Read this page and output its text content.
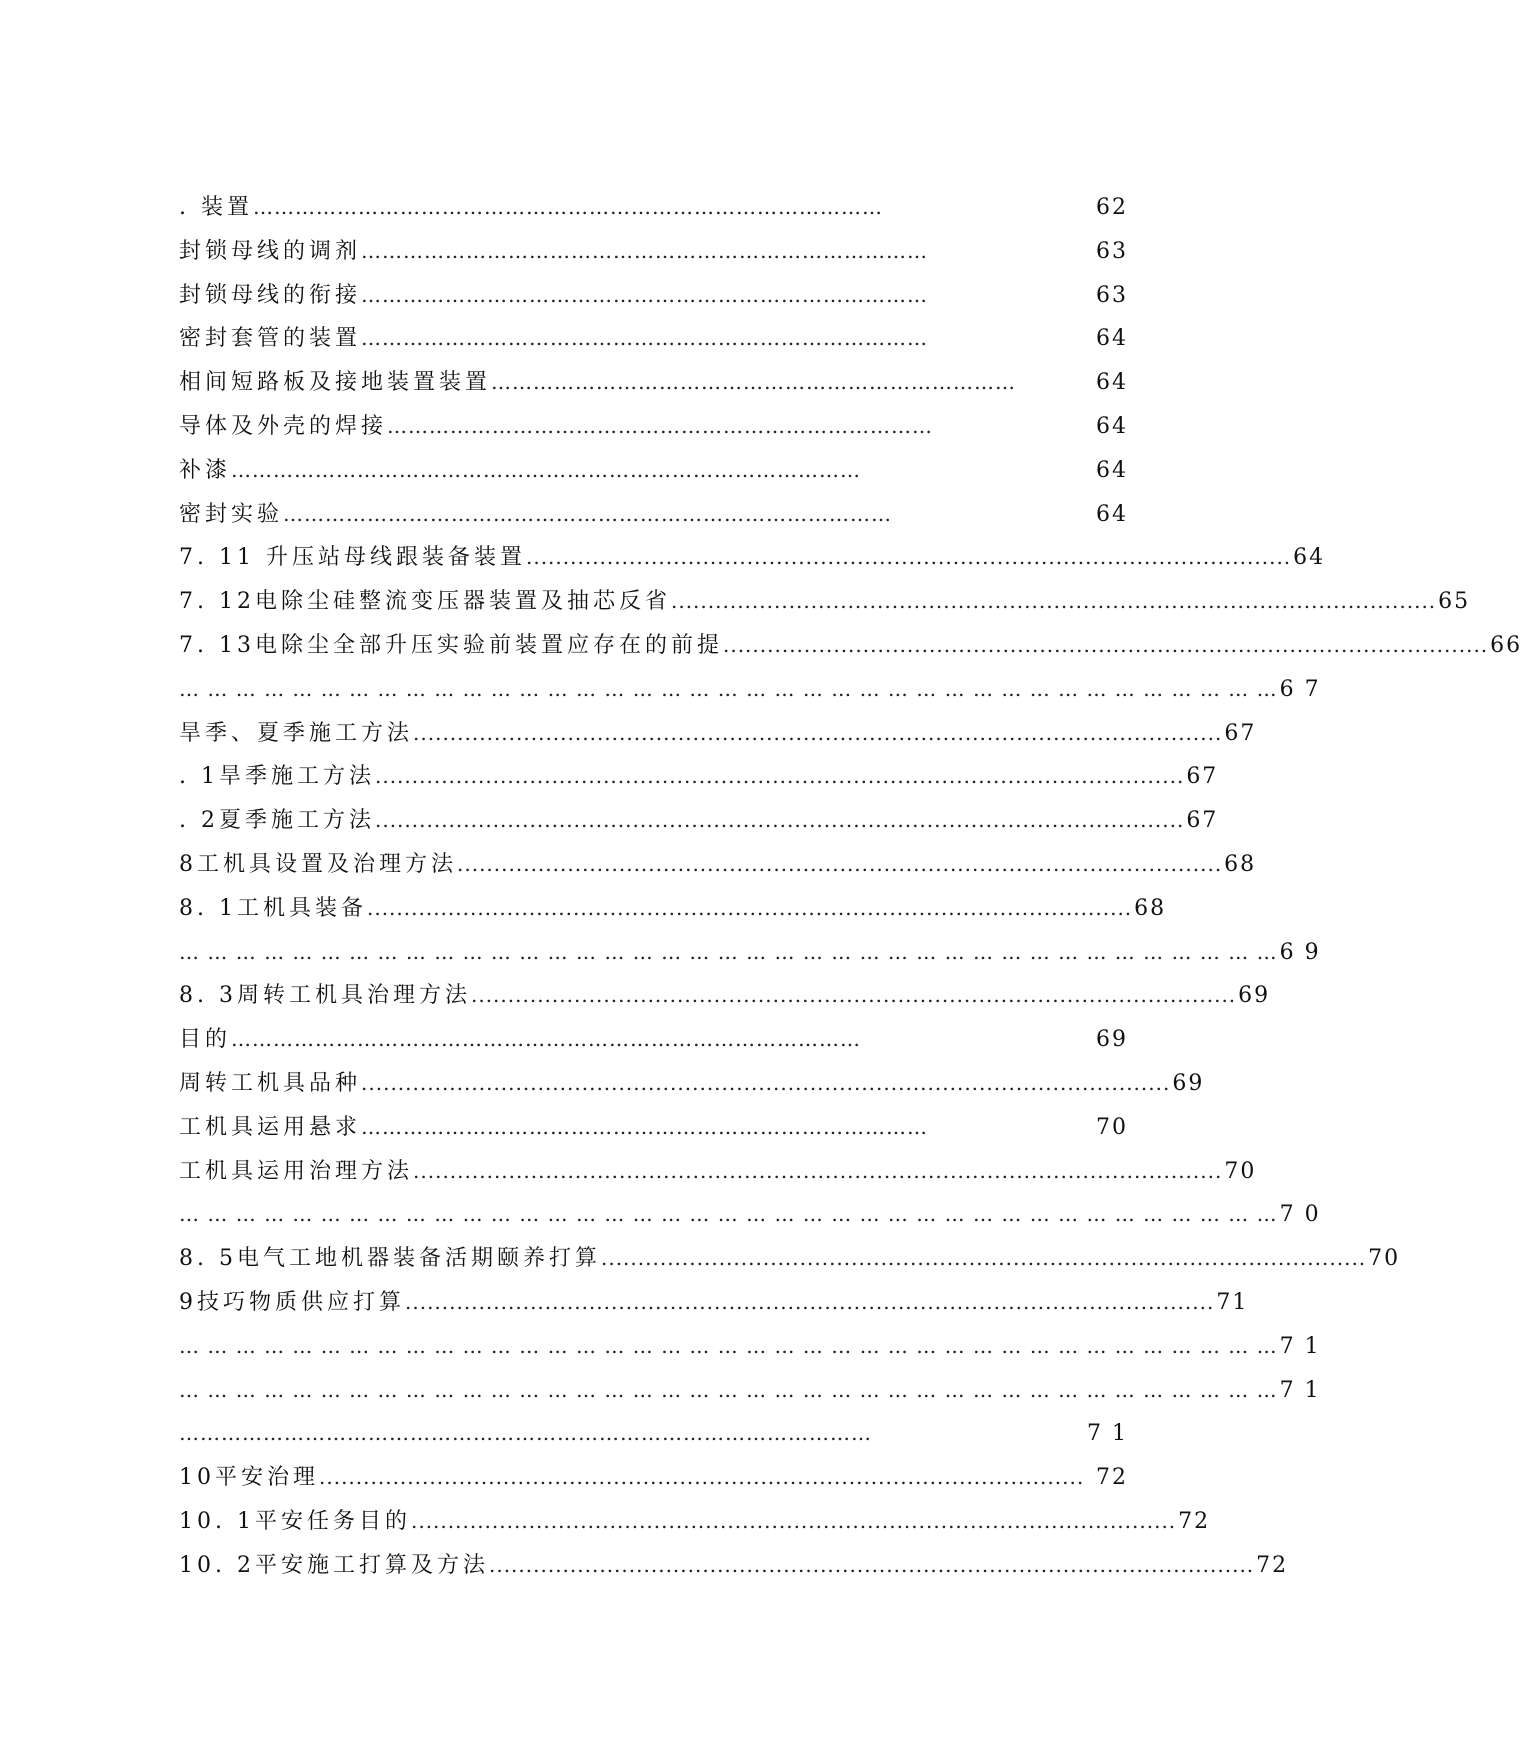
. 装置 ………………………………………………………………………………	62
封锁母线的调剂 ………………………………………………………………………	63
封锁母线的衔接 ………………………………………………………………………	63
密封套管的装置 ………………………………………………………………………	64
相间短路板及接地装置装置 …………………………………………………………………	64
导体及外壳的焊接 ……………………………………………………………………	64
补漆 ………………………………………………………………………………	64
密封实验 ……………………………………………………………………………	64
7. 11 升压站母线跟装备装置 ........................................................................................................ 64
7. 12电除尘硅整流变压器装置及抽芯反省 ........................................................................................................ 65
7. 13电除尘全部升压实验前装置应存在的前提 ........................................................................................................ 66
… … … … … … … … … … … … … … … … … … … … … … … … … … … … … … … … … … … … … … … 6 7
旱季、夏季施工方法 .............................................................................................................. 67
. 1旱季施工方法 .............................................................................................................. 67
. 2夏季施工方法 .............................................................................................................. 67
8工机具设置及治理方法 ........................................................................................................ 68
8. 1工机具装备 ........................................................................................................ 68
… … … … … … … … … … … … … … … … … … … … … … … … … … … … … … … … … … … … … … … 6 9
8. 3周转工机具治理方法 ........................................................................................................ 69
目的 ………………………………………………………………………………	69
周转工机具品种 .............................................................................................................. 69
工机具运用悬求 ………………………………………………………………………	70
工机具运用治理方法 .............................................................................................................. 70
… … … … … … … … … … … … … … … … … … … … … … … … … … … … … … … … … … … … … … … 7 0
8. 5电气工地机器装备活期颐养打算 ........................................................................................................ 70
9技巧物质供应打算 .............................................................................................................. 71
… … … … … … … … … … … … … … … … … … … … … … … … … … … … … … … … … … … … … … … 7 1
… … … … … … … … … … … … … … … … … … … … … … … … … … … … … … … … … … … … … … … 7 1
………………………………………………………………………………………	7 1
10平安治理 ........................................................................................................ 72
10. 1平安任务目的 ........................................................................................................ 72
10. 2平安施工打算及方法 ........................................................................................................ 72
